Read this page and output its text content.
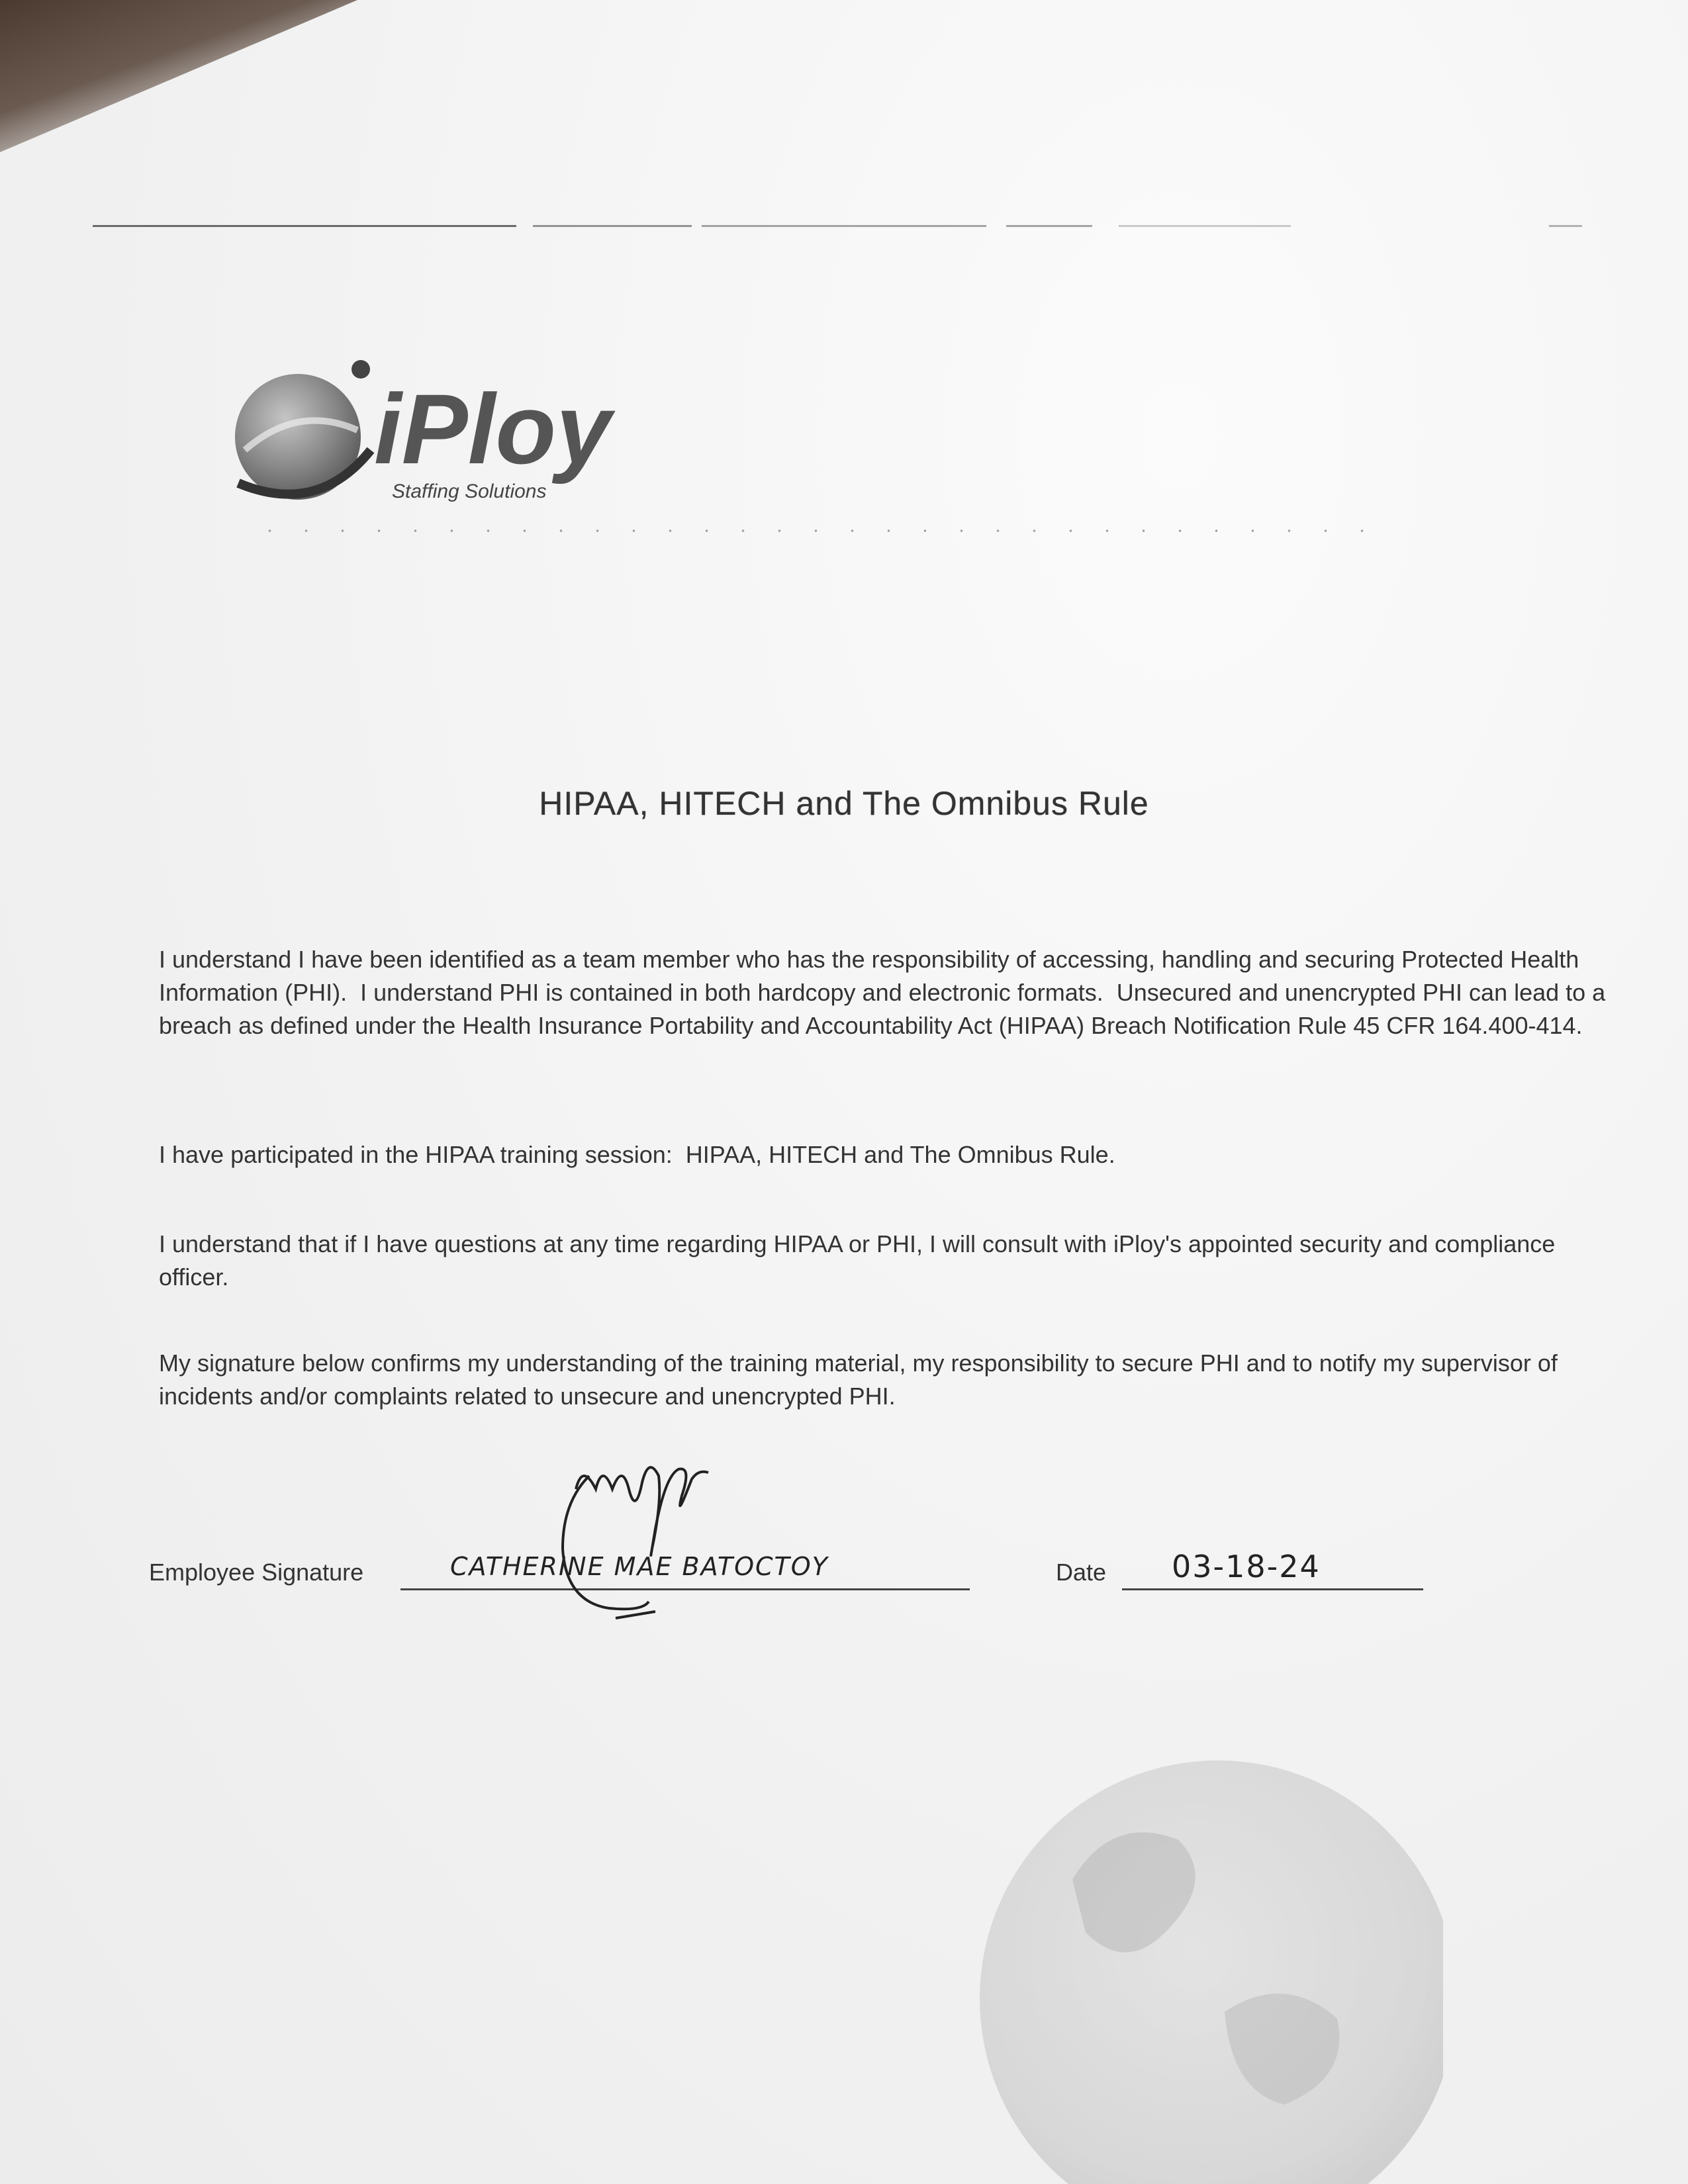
iPloy
Staffing Solutions
HIPAA, HITECH and The Omnibus Rule
I understand I have been identified as a team member who has the responsibility of accessing, handling and securing Protected Health Information (PHI).  I understand PHI is contained in both hardcopy and electronic formats.  Unsecured and unencrypted PHI can lead to a breach as defined under the Health Insurance Portability and Accountability Act (HIPAA) Breach Notification Rule 45 CFR 164.400-414.
I have participated in the HIPAA training session:  HIPAA, HITECH and The Omnibus Rule.
I understand that if I have questions at any time regarding HIPAA or PHI, I will consult with iPloy's appointed security and compliance officer.
My signature below confirms my understanding of the training material, my responsibility to secure PHI and to notify my supervisor of incidents and/or complaints related to unsecure and unencrypted PHI.
Employee Signature	CATHERINE MAE BATOCTOY	Date 03-18-24
